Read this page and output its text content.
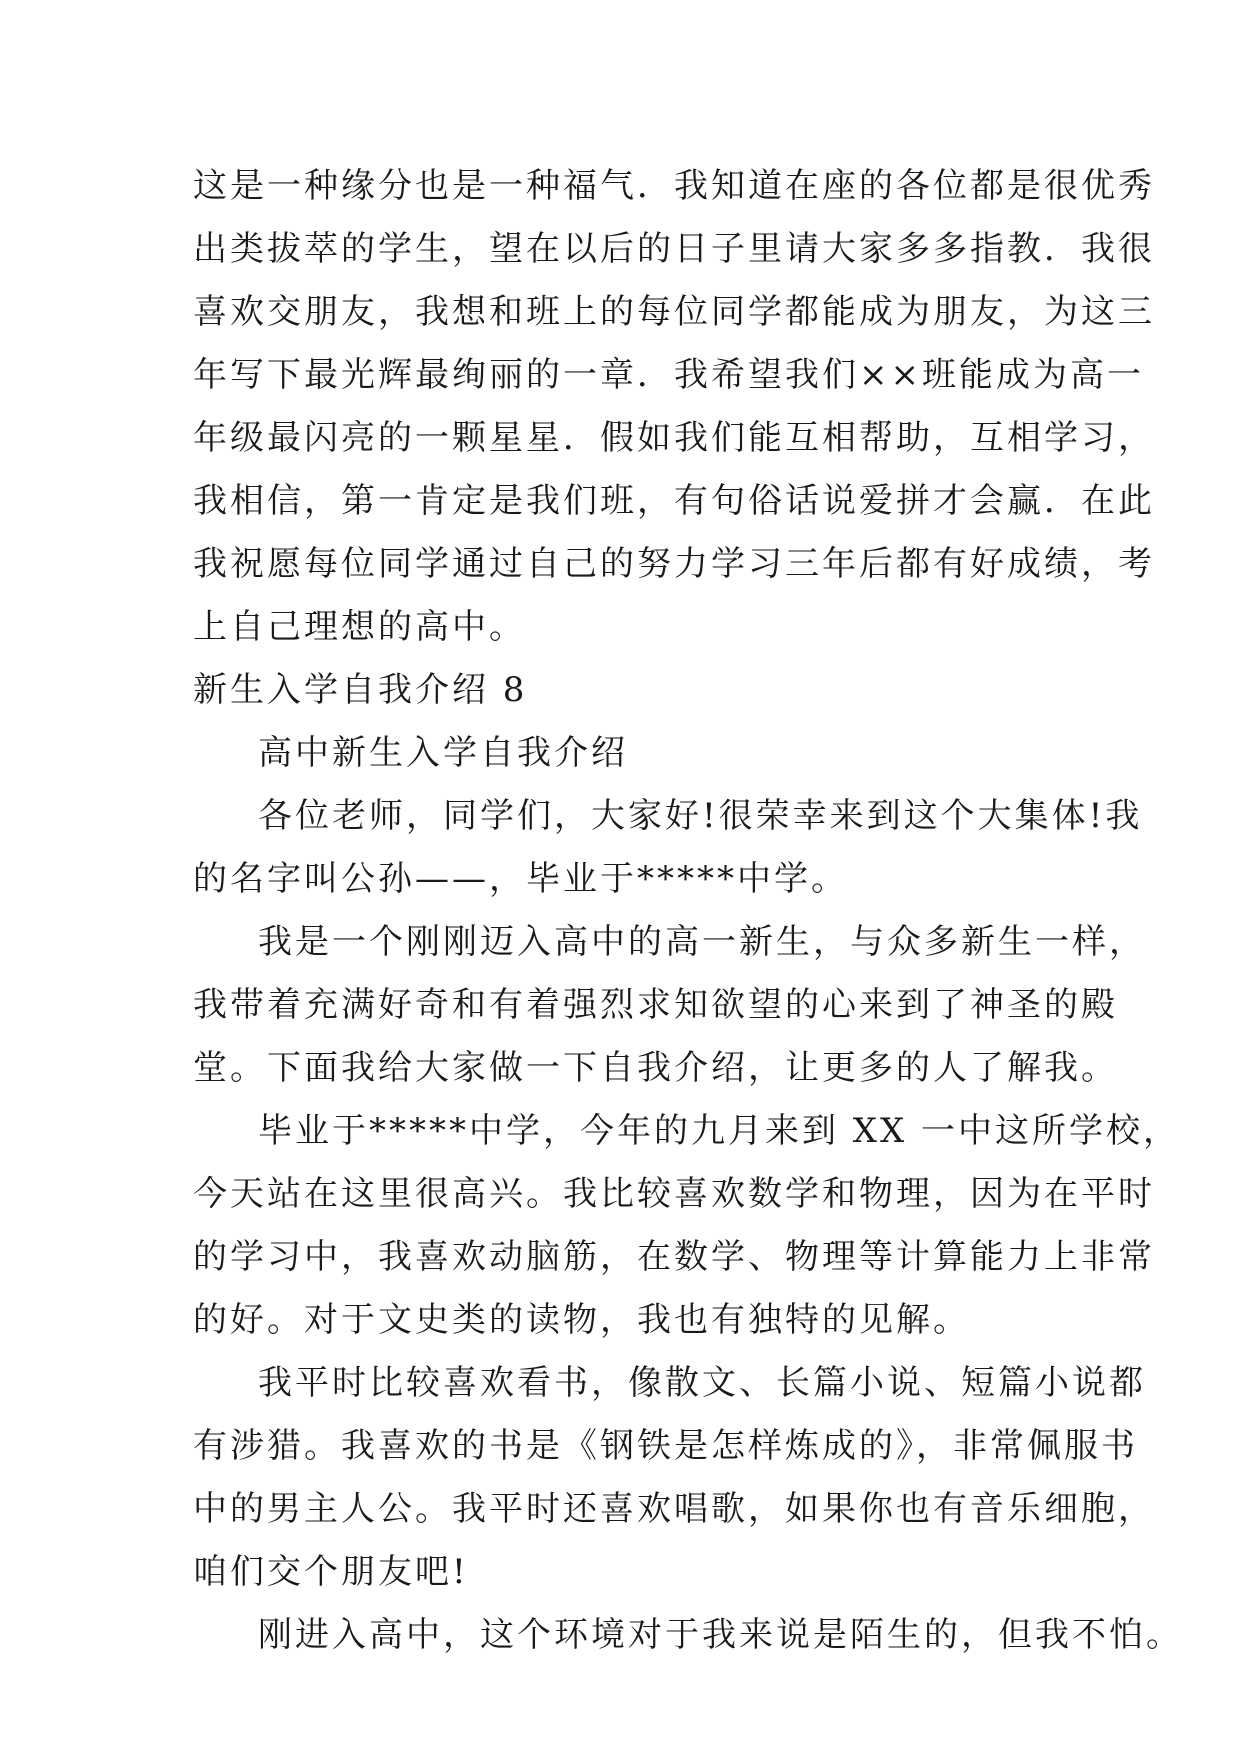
这是一种缘分也是一种福气．我知道在座的各位都是很优秀
出类拔萃的学生，望在以后的日子里请大家多多指教．我很
喜欢交朋友，我想和班上的每位同学都能成为朋友，为这三
年写下最光辉最绚丽的一章．我希望我们××班能成为高一
年级最闪亮的一颗星星．假如我们能互相帮助，互相学习，
我相信，第一肯定是我们班，有句俗话说爱拼才会赢．在此
我祝愿每位同学通过自己的努力学习三年后都有好成绩，考
上自己理想的高中。
新生入学自我介绍 8
高中新生入学自我介绍
各位老师，同学们，大家好!很荣幸来到这个大集体!我
的名字叫公孙——，毕业于*****中学。
我是一个刚刚迈入高中的高一新生，与众多新生一样，
我带着充满好奇和有着强烈求知欲望的心来到了神圣的殿
堂。下面我给大家做一下自我介绍，让更多的人了解我。
毕业于*****中学，今年的九月来到 XX 一中这所学校，
今天站在这里很高兴。我比较喜欢数学和物理，因为在平时
的学习中，我喜欢动脑筋，在数学、物理等计算能力上非常
的好。对于文史类的读物，我也有独特的见解。
我平时比较喜欢看书，像散文、长篇小说、短篇小说都
有涉猎。我喜欢的书是《钢铁是怎样炼成的》，非常佩服书
中的男主人公。我平时还喜欢唱歌，如果你也有音乐细胞，
咱们交个朋友吧!
刚进入高中，这个环境对于我来说是陌生的，但我不怕。
